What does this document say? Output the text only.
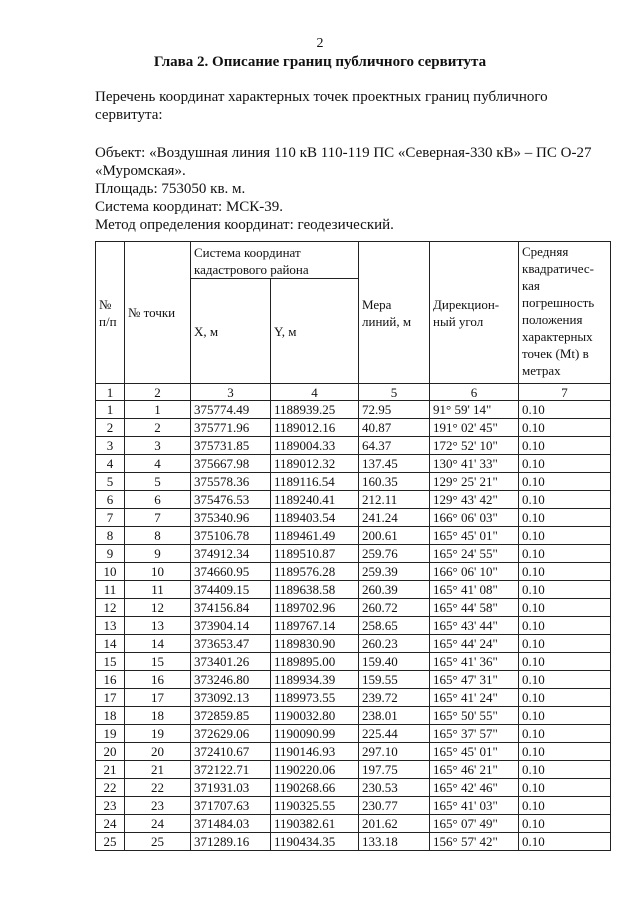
2
Глава 2. Описание границ публичного сервитута
Перечень координат характерных точек проектных границ публичного сервитута:
Объект: «Воздушная линия 110 кВ 110-119 ПС «Северная-330 кВ» – ПС О-27 «Муромская».
Площадь: 753050 кв. м.
Система координат: МСК-39.
Метод определения координат: геодезический.
№ п/п	№ точки	Система координат кадастрового района		Мера линий, м	Дирекцион-ный угол	Средняя квадратичес-кая погрешность положения характерных точек (Mt) в метрах
		X, м	Y, м			
1	2	3	4	5	6	7
1	1	375774.49	1188939.25	72.95	91° 59' 14"	0.10
2	2	375771.96	1189012.16	40.87	191° 02' 45"	0.10
3	3	375731.85	1189004.33	64.37	172° 52' 10"	0.10
4	4	375667.98	1189012.32	137.45	130° 41' 33"	0.10
5	5	375578.36	1189116.54	160.35	129° 25' 21"	0.10
6	6	375476.53	1189240.41	212.11	129° 43' 42"	0.10
7	7	375340.96	1189403.54	241.24	166° 06' 03"	0.10
8	8	375106.78	1189461.49	200.61	165° 45' 01"	0.10
9	9	374912.34	1189510.87	259.76	165° 24' 55"	0.10
10	10	374660.95	1189576.28	259.39	166° 06' 10"	0.10
11	11	374409.15	1189638.58	260.39	165° 41' 08"	0.10
12	12	374156.84	1189702.96	260.72	165° 44' 58"	0.10
13	13	373904.14	1189767.14	258.65	165° 43' 44"	0.10
14	14	373653.47	1189830.90	260.23	165° 44' 24"	0.10
15	15	373401.26	1189895.00	159.40	165° 41' 36"	0.10
16	16	373246.80	1189934.39	159.55	165° 47' 31"	0.10
17	17	373092.13	1189973.55	239.72	165° 41' 24"	0.10
18	18	372859.85	1190032.80	238.01	165° 50' 55"	0.10
19	19	372629.06	1190090.99	225.44	165° 37' 57"	0.10
20	20	372410.67	1190146.93	297.10	165° 45' 01"	0.10
21	21	372122.71	1190220.06	197.75	165° 46' 21"	0.10
22	22	371931.03	1190268.66	230.53	165° 42' 46"	0.10
23	23	371707.63	1190325.55	230.77	165° 41' 03"	0.10
24	24	371484.03	1190382.61	201.62	165° 07' 49"	0.10
25	25	371289.16	1190434.35	133.18	156° 57' 42"	0.10
